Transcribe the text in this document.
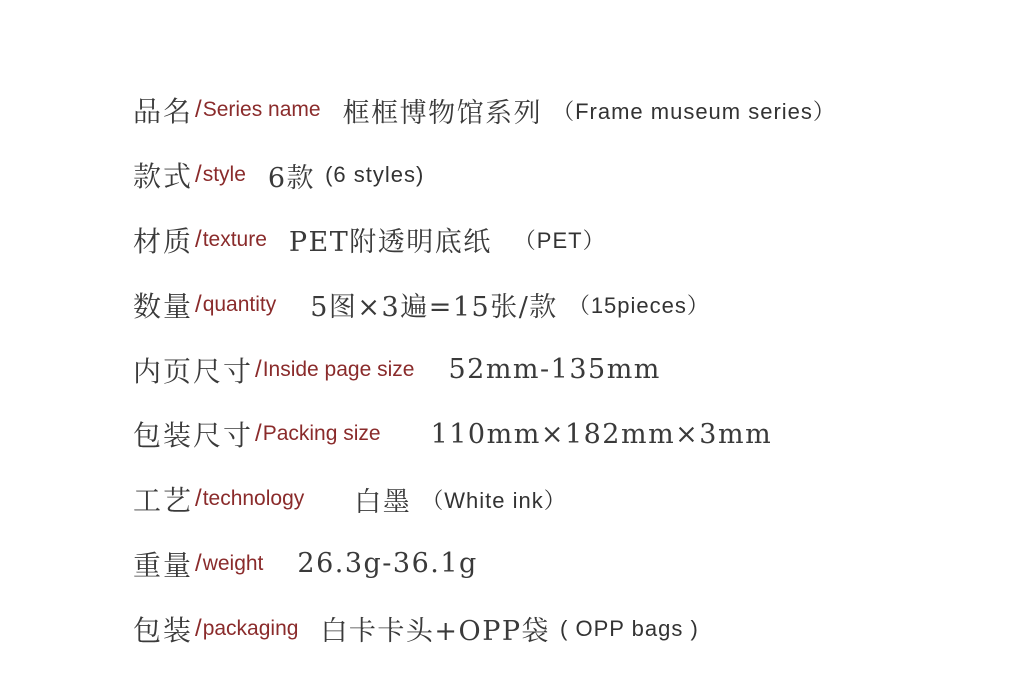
品名 / Series name 框框博物馆系列 （Frame museum series）
款式 / style 6款 (6 styles)
材质 / texture PET附透明底纸 （PET）
数量 / quantity 5图×3遍=15张/款 （15pieces）
内页尺寸 / Inside page size 52mm-135mm
包装尺寸 / Packing size 110mm×182mm×3mm
工艺 / technology 白墨 （White ink）
重量 / weight 26.3g-36.1g
包装 / packaging 白卡卡头+OPP袋 ( OPP bags )
